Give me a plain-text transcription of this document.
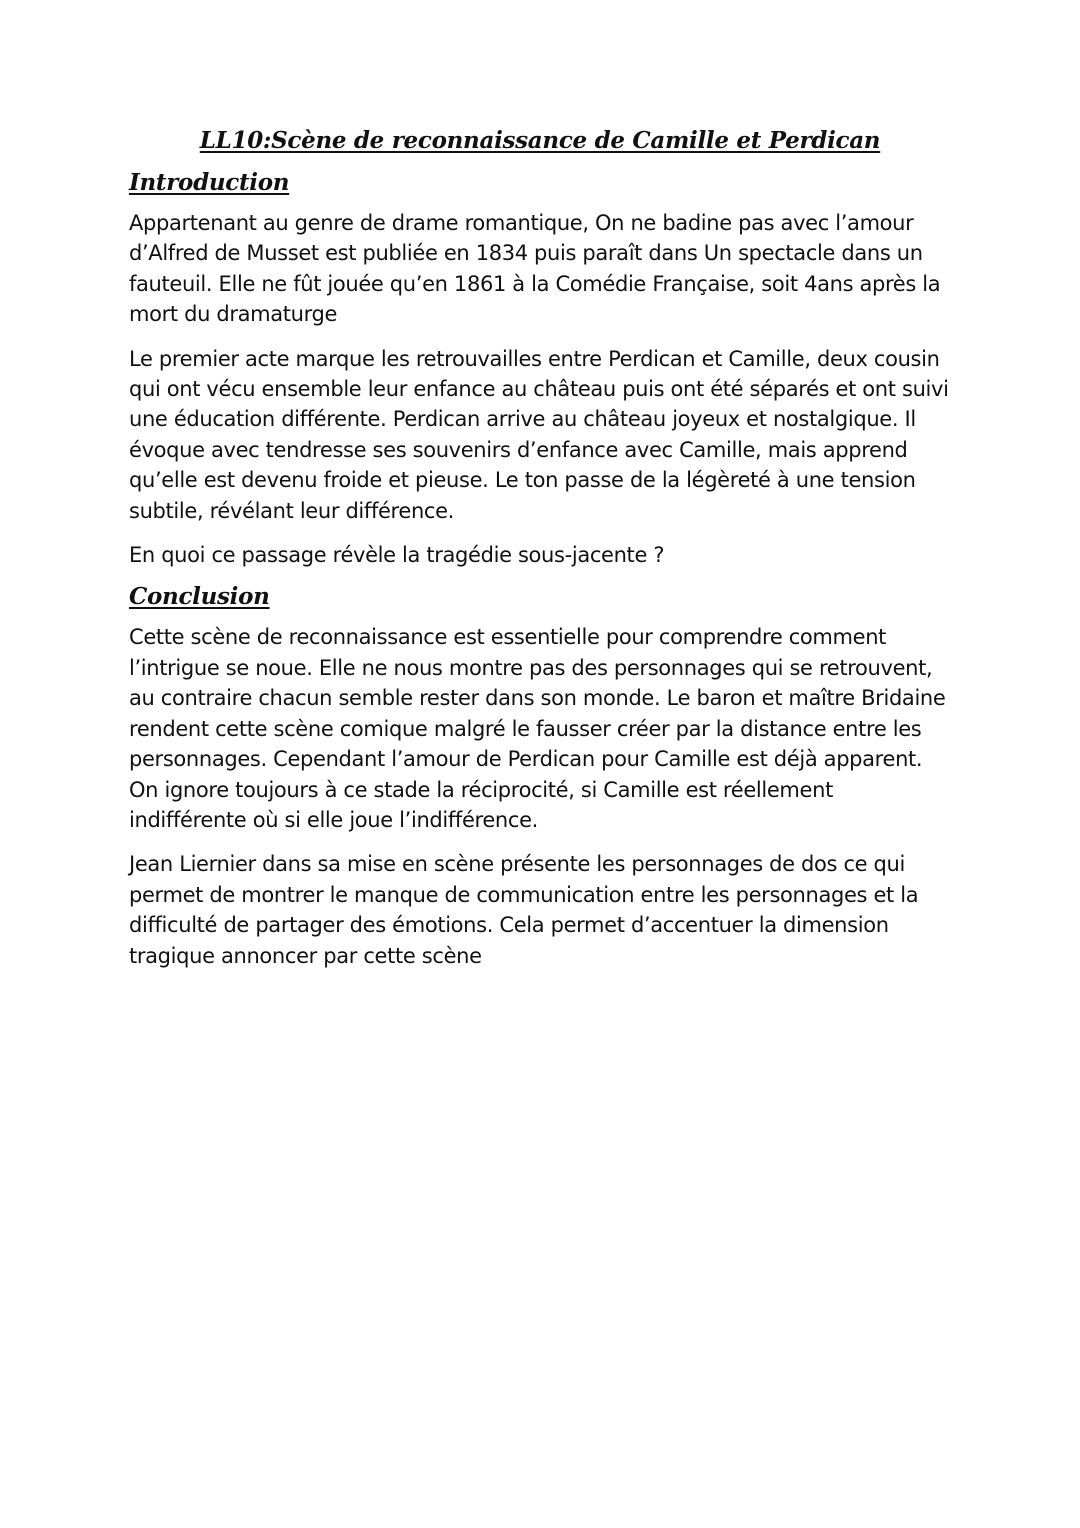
LL10:Scène de reconnaissance de Camille et Perdican
Introduction

Appartenant au genre de drame romantique, On ne badine pas avec l’amour d’Alfred de Musset est publiée en 1834 puis paraît dans Un spectacle dans un fauteuil. Elle ne fût jouée qu’en 1861 à la Comédie Française, soit 4ans après la mort du dramaturge

Le premier acte marque les retrouvailles entre Perdican et Camille, deux cousin qui ont vécu ensemble leur enfance au château puis ont été séparés et ont suivi une éducation différente. Perdican arrive au château joyeux et nostalgique. Il évoque avec tendresse ses souvenirs d’enfance avec Camille, mais apprend qu’elle est devenu froide et pieuse. Le ton passe de la légèreté à une tension subtile, révélant leur différence.

En quoi ce passage révèle la tragédie sous-jacente ?

Conclusion

Cette scène de reconnaissance est essentielle pour comprendre comment l’intrigue se noue. Elle ne nous montre pas des personnages qui se retrouvent, au contraire chacun semble rester dans son monde. Le baron et maître Bridaine rendent cette scène comique malgré le fausser créer par la distance entre les personnages. Cependant l’amour de Perdican pour Camille est déjà apparent. On ignore toujours à ce stade la réciprocité, si Camille est réellement indifférente où si elle joue l’indifférence.

Jean Liernier dans sa mise en scène présente les personnages de dos ce qui permet de montrer le manque de communication entre les personnages et la difficulté de partager des émotions. Cela permet d’accentuer la dimension tragique annoncer par cette scène
